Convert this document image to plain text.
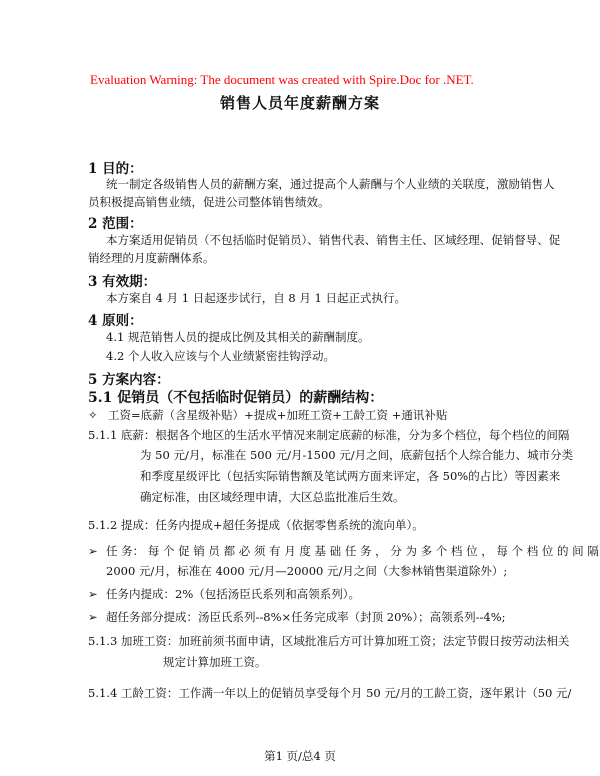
Evaluation Warning: The document was created with Spire.Doc for .NET.
销售人员年度薪酬方案
1 目的：
统一制定各级销售人员的薪酬方案，通过提高个人薪酬与个人业绩的关联度，激励销售人
员积极提高销售业绩，促进公司整体销售绩效。
2 范围：
本方案适用促销员（不包括临时促销员）、销售代表、销售主任、区域经理、促销督导、促
销经理的月度薪酬体系。
3 有效期：
本方案自 4 月 1 日起逐步试行，自 8 月 1 日起正式执行。
4 原则：
4.1 规范销售人员的提成比例及其相关的薪酬制度。
4.2 个人收入应该与个人业绩紧密挂钩浮动。
5 方案内容：
5.1 促销员（不包括临时促销员）的薪酬结构：
✧ 工资=底薪（含星级补贴）+提成+加班工资+工龄工资 +通讯补贴
5.1.1 底薪：根据各个地区的生活水平情况来制定底薪的标准，分为多个档位，每个档位的间隔
为 50 元/月，标准在 500 元/月-1500 元/月之间，底薪包括个人综合能力、城市分类
和季度星级评比（包括实际销售额及笔试两方面来评定，各 50%的占比）等因素来
确定标准，由区域经理申请，大区总监批准后生效。
5.1.2 提成：任务内提成+超任务提成（依据零售系统的流向单）。
➢ 任 务： 每 个 促 销 员 都 必 须 有 月 度 基 础 任 务 ， 分 为 多 个 档 位 ， 每 个 档 位 的 间 隔
2000 元/月，标准在 4000 元/月—20000 元/月之间（大参林销售渠道除外）;
➢ 任务内提成：2%（包括汤臣氏系列和高领系列）。
➢ 超任务部分提成：汤臣氏系列--8%×任务完成率（封顶 20%）；高领系列--4%;
5.1.3 加班工资：加班前须书面申请，区域批准后方可计算加班工资；法定节假日按劳动法相关
规定计算加班工资。
5.1.4 工龄工资：工作满一年以上的促销员享受每个月 50 元/月的工龄工资，逐年累计（50 元/
第1 页/总4 页
